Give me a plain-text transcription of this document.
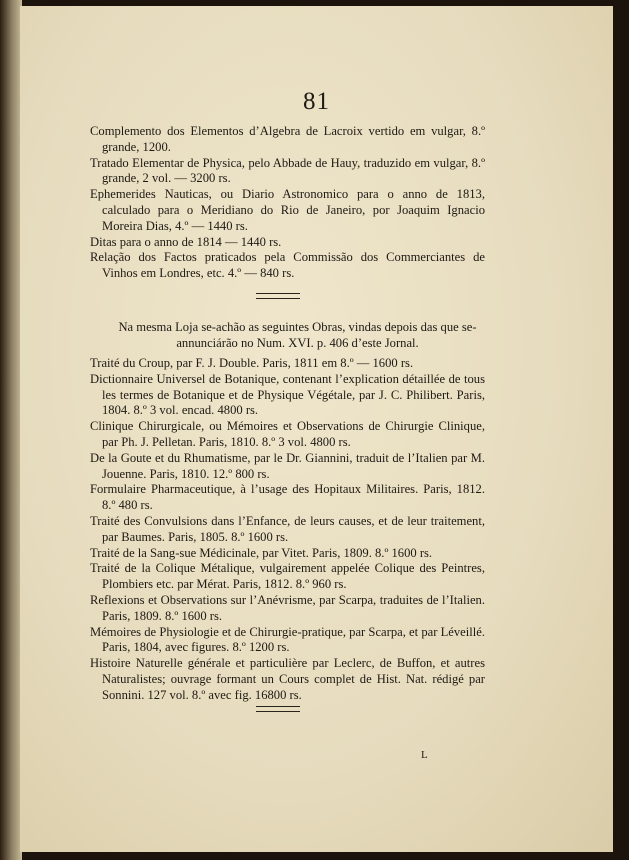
81

Complemento dos Elementos d’Algebra de Lacroix vertido em vulgar, 8.º grande, 1200.

Tratado Elementar de Physica, pelo Abbade de Hauy, traduzido em vulgar, 8.º grande, 2 vol. — 3200 rs.

Ephemerides Nauticas, ou Diario Astronomico para o anno de 1813, calculado para o Meridiano do Rio de Janeiro, por Joaquim Ignacio Moreira Dias, 4.º — 1440 rs.

Ditas para o anno de 1814 — 1440 rs.

Relação dos Factos praticados pela Commissão dos Commerciantes de Vinhos em Londres, etc. 4.º — 840 rs.

Na mesma Loja se-achão as seguintes Obras, vindas depois das que se-annunciárão no Num. XVI. p. 406 d’este Jornal.

Traité du Croup, par F. J. Double. Paris, 1811 em 8.º — 1600 rs.

Dictionnaire Universel de Botanique, contenant l’explication détaillée de tous les termes de Botanique et de Physique Végétale, par J. C. Philibert. Paris, 1804. 8.º 3 vol. encad. 4800 rs.

Clinique Chirurgicale, ou Mémoires et Observations de Chirurgie Clinique, par Ph. J. Pelletan. Paris, 1810. 8.º 3 vol. 4800 rs.

De la Goute et du Rhumatisme, par le Dr. Giannini, traduit de l’Italien par M. Jouenne. Paris, 1810. 12.º 800 rs.

Formulaire Pharmaceutique, à l’usage des Hopitaux Militaires. Paris, 1812. 8.º 480 rs.

Traité des Convulsions dans l’Enfance, de leurs causes, et de leur traitement, par Baumes. Paris, 1805. 8.º 1600 rs.

Traité de la Sang-sue Médicinale, par Vitet. Paris, 1809. 8.º 1600 rs.

Traité de la Colique Métalique, vulgairement appelée Colique des Peintres, Plombiers etc. par Mérat. Paris, 1812. 8.º 960 rs.

Reflexions et Observations sur l’Anévrisme, par Scarpa, traduites de l’Italien. Paris, 1809. 8.º 1600 rs.

Mémoires de Physiologie et de Chirurgie-pratique, par Scarpa, et par Léveillé. Paris, 1804, avec figures. 8.º 1200 rs.

Histoire Naturelle générale et particulière par Leclerc, de Buffon, et autres Naturalistes; ouvrage formant un Cours complet de Hist. Nat. rédigé par Sonnini. 127 vol. 8.º avec fig. 16800 rs.

L
